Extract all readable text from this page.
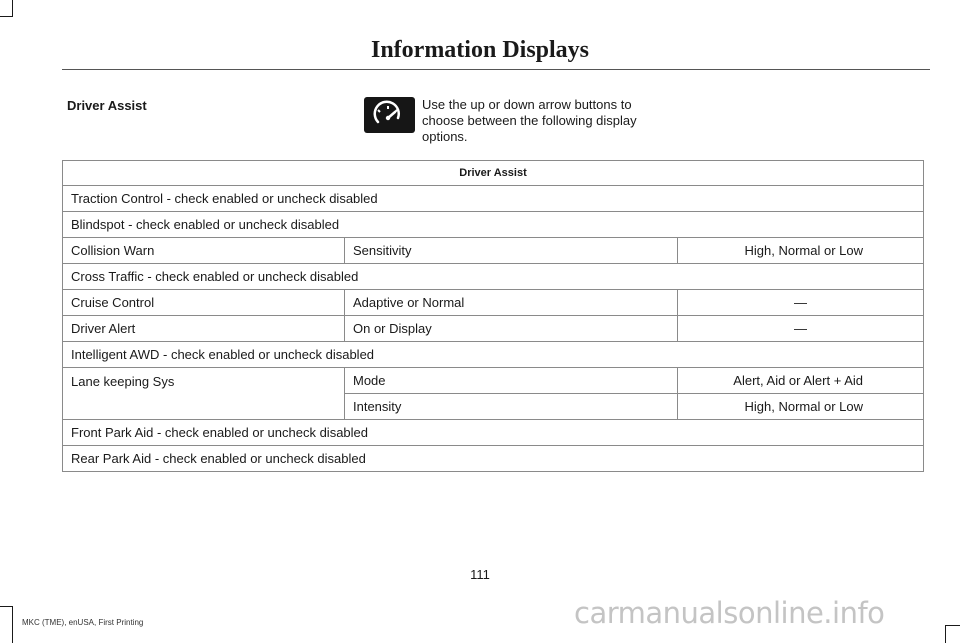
Information Displays
Driver Assist	Use the up or down arrow buttons to choose between the following display options.
Driver Assist
Traction Control - check enabled or uncheck disabled
Blindspot - check enabled or uncheck disabled
Collision Warn	Sensitivity	High, Normal or Low
Cross Traffic - check enabled or uncheck disabled
Cruise Control	Adaptive or Normal	—
Driver Alert	On or Display	—
Intelligent AWD - check enabled or uncheck disabled
Lane keeping Sys	Mode	Alert, Aid or Alert + Aid
Intensity	High, Normal or Low
Front Park Aid - check enabled or uncheck disabled
Rear Park Aid - check enabled or uncheck disabled
111
MKC (TME), enUSA, First Printing	carmanualsonline.info
